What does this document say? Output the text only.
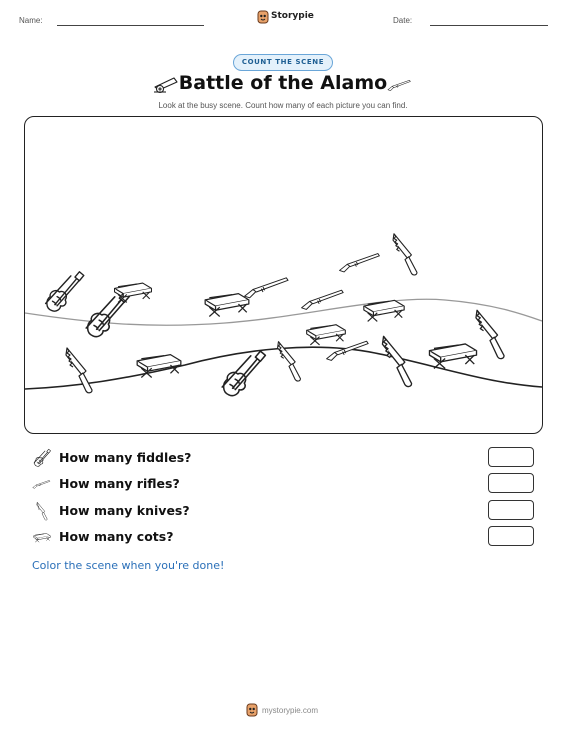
Name:	Storypie	Date:
COUNT THE SCENE
Battle of the Alamo
Look at the busy scene. Count how many of each picture you can find.
How many fiddles?
How many rifles?
How many knives?
How many cots?
Color the scene when you're done!
mystorypie.com
